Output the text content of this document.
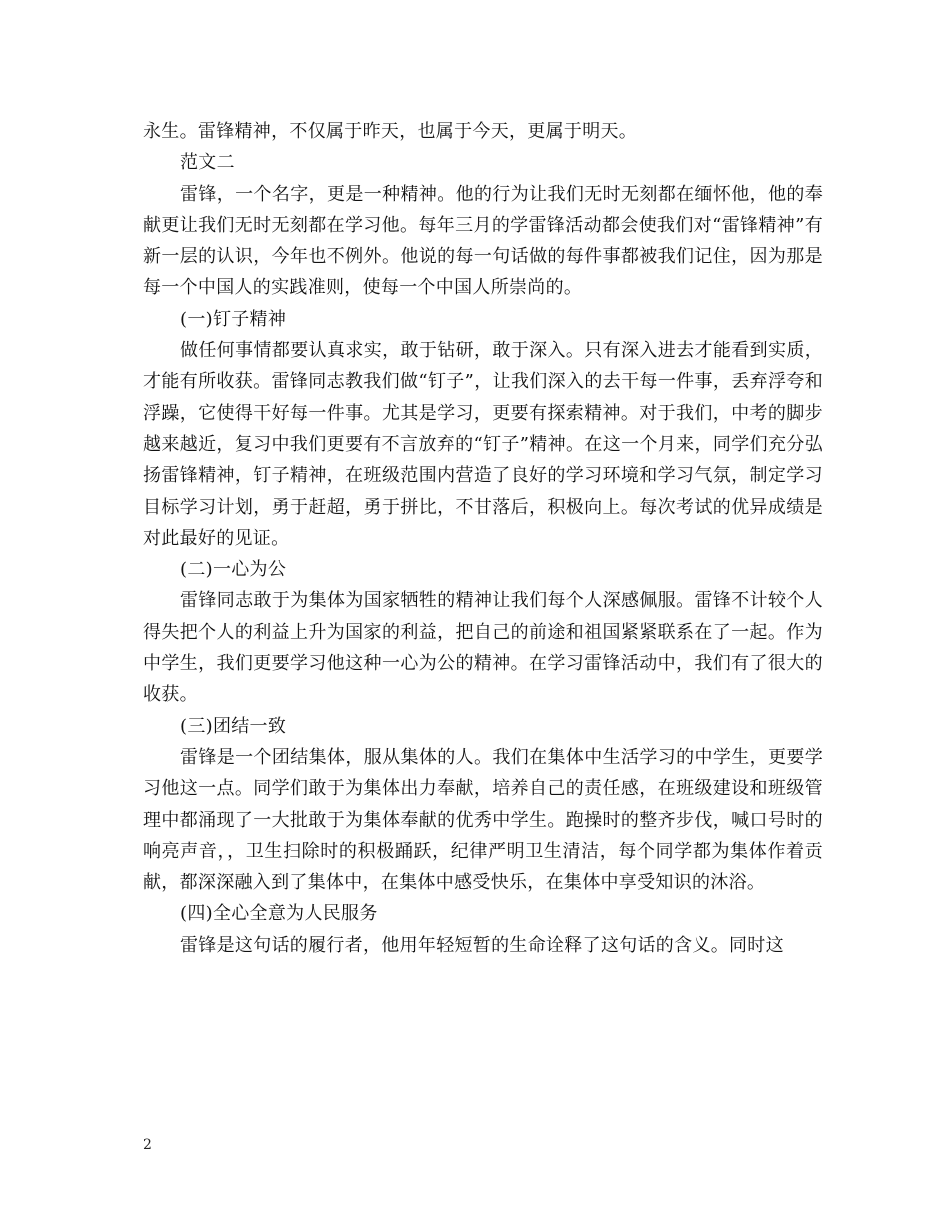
永生。雷锋精神，不仅属于昨天，也属于今天，更属于明天。

范文二

雷锋，一个名字，更是一种精神。他的行为让我们无时无刻都在缅怀他，他的奉献更让我们无时无刻都在学习他。每年三月的学雷锋活动都会使我们对“雷锋精神”有新一层的认识，今年也不例外。他说的每一句话做的每件事都被我们记住，因为那是每一个中国人的实践准则，使每一个中国人所崇尚的。

(一)钉子精神

做任何事情都要认真求实，敢于钻研，敢于深入。只有深入进去才能看到实质，才能有所收获。雷锋同志教我们做“钉子”，让我们深入的去干每一件事，丢弃浮夸和浮躁，它使得干好每一件事。尤其是学习，更要有探索精神。对于我们，中考的脚步越来越近，复习中我们更要有不言放弃的“钉子”精神。在这一个月来，同学们充分弘扬雷锋精神，钉子精神，在班级范围内营造了良好的学习环境和学习气氛，制定学习目标学习计划，勇于赶超，勇于拼比，不甘落后，积极向上。每次考试的优异成绩是对此最好的见证。

(二)一心为公

雷锋同志敢于为集体为国家牺牲的精神让我们每个人深感佩服。雷锋不计较个人得失把个人的利益上升为国家的利益，把自己的前途和祖国紧紧联系在了一起。作为中学生，我们更要学习他这种一心为公的精神。在学习雷锋活动中，我们有了很大的收获。

(三)团结一致

雷锋是一个团结集体，服从集体的人。我们在集体中生活学习的中学生，更要学习他这一点。同学们敢于为集体出力奉献，培养自己的责任感，在班级建设和班级管理中都涌现了一大批敢于为集体奉献的优秀中学生。跑操时的整齐步伐，喊口号时的响亮声音，，卫生扫除时的积极踊跃，纪律严明卫生清洁，每个同学都为集体作着贡献，都深深融入到了集体中，在集体中感受快乐，在集体中享受知识的沐浴。

(四)全心全意为人民服务

雷锋是这句话的履行者，他用年轻短暂的生命诠释了这句话的含义。同时这

2
